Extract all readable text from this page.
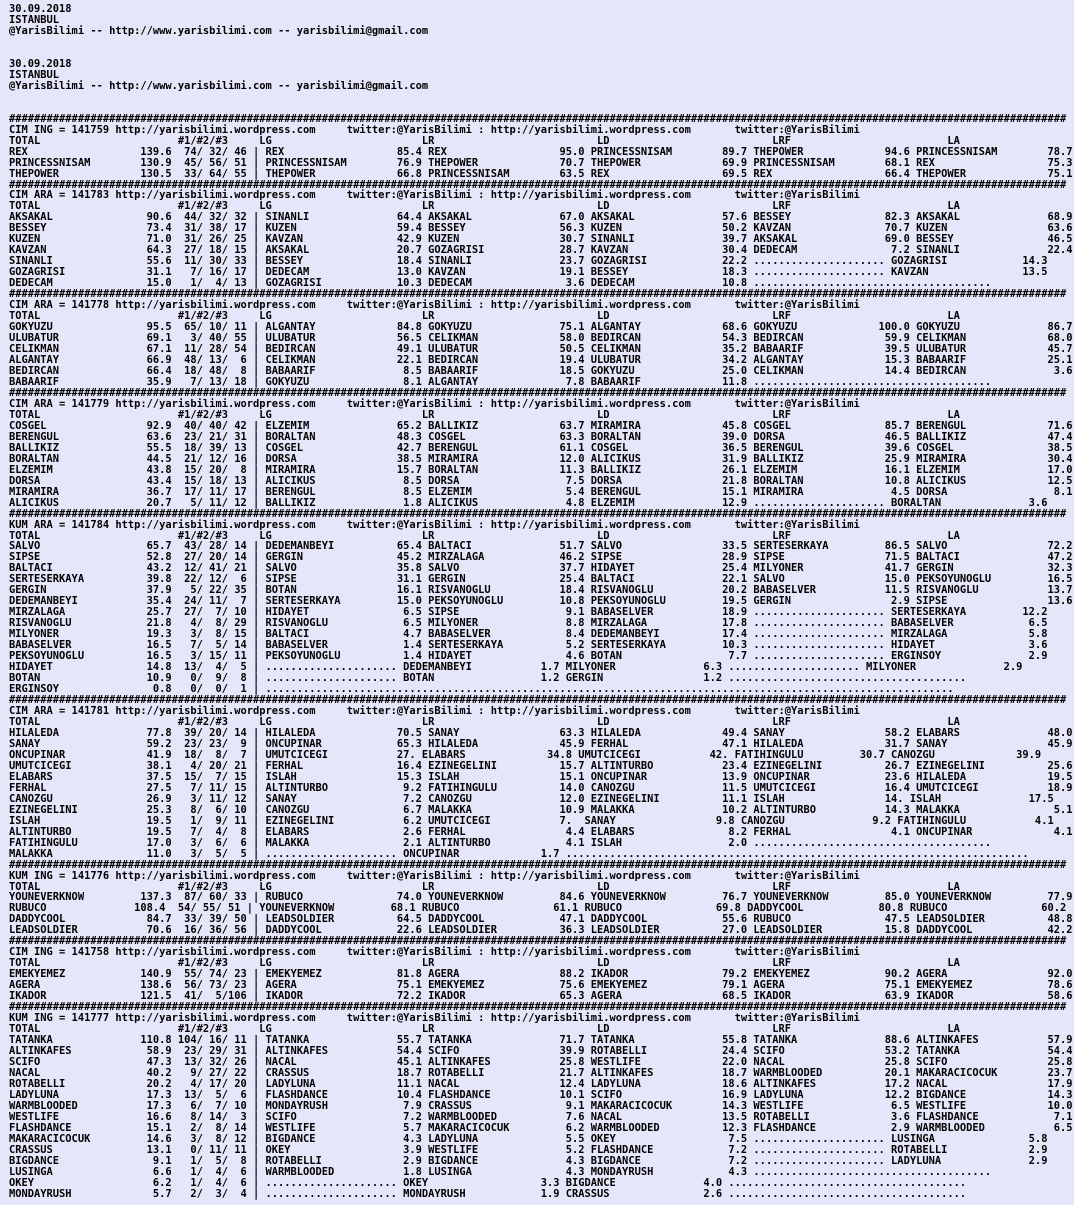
30.09.2018
ISTANBUL
@YarisBilimi -- http://www.yarisbilimi.com -- yarisbilimi@gmail.com

30.09.2018
ISTANBUL
@YarisBilimi -- http://www.yarisbilimi.com -- yarisbilimi@gmail.com

#########################################################################################################################################################################
CIM ING = 141759 http://yarisbilimi.wordpress.com     twitter:@YarisBilimi : http://yarisbilimi.wordpress.com       twitter:@YarisBilimi
TOTAL                      #1/#2/#3     LG                        LR                          LD                          LRF                         LA
REX                  139.6  74/ 32/ 46 | REX                  85.4 REX                  95.0 PRINCESSNISAM        89.7 THEPOWER             94.6 PRINCESSNISAM        78.7
PRINCESSNISAM        130.9  45/ 56/ 51 | PRINCESSNISAM        76.9 THEPOWER             70.7 THEPOWER             69.9 PRINCESSNISAM        68.1 REX                  75.3
THEPOWER             130.5  33/ 64/ 55 | THEPOWER             66.8 PRINCESSNISAM        63.5 REX                  69.5 REX                  66.4 THEPOWER             75.1
#########################################################################################################################################################################
CIM ARA = 141783 http://yarisbilimi.wordpress.com     twitter:@YarisBilimi : http://yarisbilimi.wordpress.com       twitter:@YarisBilimi
TOTAL                      #1/#2/#3     LG                        LR                          LD                          LRF                         LA
AKSAKAL               90.6  44/ 32/ 32 | SINANLI              64.4 AKSAKAL              67.0 AKSAKAL              57.6 BESSEY               82.3 AKSAKAL              68.9
BESSEY                73.4  31/ 38/ 17 | KUZEN                59.4 BESSEY               56.3 KUZEN                50.2 KAVZAN               70.7 KUZEN                63.6
KUZEN                 71.0  31/ 26/ 25 | KAVZAN               42.9 KUZEN                30.7 SINANLI              39.7 AKSAKAL              69.0 BESSEY               46.5
KAVZAN                64.3  27/ 18/ 15 | AKSAKAL              20.7 GOZAGRISI            28.7 KAVZAN               30.4 DEDECAM               7.2 SINANLI              22.4
SINANLI               55.6  11/ 30/ 33 | BESSEY               18.4 SINANLI              23.7 GOZAGRISI            22.2 ..................... GOZAGRISI            14.3
GOZAGRISI             31.1   7/ 16/ 17 | DEDECAM              13.0 KAVZAN               19.1 BESSEY               18.3 ..................... KAVZAN               13.5
DEDECAM               15.0   1/  4/ 13 | GOZAGRISI            10.3 DEDECAM               3.6 DEDECAM              10.8 ......................................
#########################################################################################################################################################################
CIM ARA = 141778 http://yarisbilimi.wordpress.com     twitter:@YarisBilimi : http://yarisbilimi.wordpress.com       twitter:@YarisBilimi
TOTAL                      #1/#2/#3     LG                        LR                          LD                          LRF                         LA
GOKYUZU               95.5  65/ 10/ 11 | ALGANTAY             84.8 GOKYUZU              75.1 ALGANTAY             68.6 GOKYUZU             100.0 GOKYUZU              86.7
ULUBATUR              69.1   3/ 40/ 55 | ULUBATUR             56.5 CELIKMAN             58.0 BEDIRCAN             54.3 BEDIRCAN             59.9 CELIKMAN             68.0
CELIKMAN              67.1  11/ 28/ 54 | BEDIRCAN             49.1 ULUBATUR             50.5 CELIKMAN             35.2 BABAARIF             39.5 ULUBATUR             45.7
ALGANTAY              66.9  48/ 13/  6 | CELIKMAN             22.1 BEDIRCAN             19.4 ULUBATUR             34.2 ALGANTAY             15.3 BABAARIF             25.1
BEDIRCAN              66.4  18/ 48/  8 | BABAARIF              8.5 BABAARIF             18.5 GOKYUZU              25.0 CELIKMAN             14.4 BEDIRCAN              3.6
BABAARIF              35.9   7/ 13/ 18 | GOKYUZU               8.1 ALGANTAY              7.8 BABAARIF             11.8 ......................................
#########################################################################################################################################################################
CIM ARA = 141779 http://yarisbilimi.wordpress.com     twitter:@YarisBilimi : http://yarisbilimi.wordpress.com       twitter:@YarisBilimi
TOTAL                      #1/#2/#3     LG                        LR                          LD                          LRF                         LA
COSGEL                92.9  40/ 40/ 42 | ELZEMIM              65.2 BALLIKIZ             63.7 MIRAMIRA             45.8 COSGEL               85.7 BERENGUL             71.6
BERENGUL              63.6  23/ 21/ 31 | BORALTAN             48.3 COSGEL               63.3 BORALTAN             39.0 DORSA                46.5 BALLIKIZ             47.4
BALLIKIZ              55.5  18/ 39/ 13 | COSGEL               42.7 BERENGUL             61.1 COSGEL               36.5 BERENGUL             39.6 COSGEL               38.5
BORALTAN              44.5  21/ 12/ 16 | DORSA                38.5 MIRAMIRA             12.0 ALICIKUS             31.9 BALLIKIZ             25.9 MIRAMIRA             30.4
ELZEMIM               43.8  15/ 20/  8 | MIRAMIRA             15.7 BORALTAN             11.3 BALLIKIZ             26.1 ELZEMIM              16.1 ELZEMIM              17.0
DORSA                 43.4  15/ 18/ 13 | ALICIKUS              8.5 DORSA                 7.5 DORSA                21.8 BORALTAN             10.8 ALICIKUS             12.5
MIRAMIRA              36.7  17/ 11/ 17 | BERENGUL              8.5 ELZEMIM               5.4 BERENGUL             15.1 MIRAMIRA              4.5 DORSA                 8.1
ALICIKUS              20.7   5/ 11/ 12 | BALLIKIZ              1.8 ALICIKUS              4.8 ELZEMIM              12.9 ..................... BORALTAN              3.6
#########################################################################################################################################################################
KUM ARA = 141784 http://yarisbilimi.wordpress.com     twitter:@YarisBilimi : http://yarisbilimi.wordpress.com       twitter:@YarisBilimi
TOTAL                      #1/#2/#3     LG                        LR                          LD                          LRF                         LA
SALVO                 65.7  43/ 28/ 14 | DEDEMANBEYI          65.4 BALTACI              51.7 SALVO                33.5 SERTESERKAYA         86.5 SALVO                72.2
SIPSE                 52.8  27/ 20/ 14 | GERGIN               45.2 MIRZALAGA            46.2 SIPSE                28.9 SIPSE                71.5 BALTACI              47.2
BALTACI               43.2  12/ 41/ 21 | SALVO                35.8 SALVO                37.7 HIDAYET              25.4 MILYONER             41.7 GERGIN               32.3
SERTESERKAYA          39.8  22/ 12/  6 | SIPSE                31.1 GERGIN               25.4 BALTACI              22.1 SALVO                15.0 PEKSOYUNOGLU         16.5
GERGIN                37.9   5/ 22/ 35 | BOTAN                16.1 RISVANOGLU           18.4 RISVANOGLU           20.2 BABASELVER           11.5 RISVANOGLU           13.7
DEDEMANBEYI           35.4  24/ 11/  7 | SERTESERKAYA         15.0 PEKSOYUNOGLU         10.8 PEKSOYUNOGLU         19.5 GERGIN                2.9 SIPSE                13.6
MIRZALAGA             25.7  27/  7/ 10 | HIDAYET               6.5 SIPSE                 9.1 BABASELVER           18.9 ..................... SERTESERKAYA         12.2
RISVANOGLU            21.8   4/  8/ 29 | RISVANOGLU            6.5 MILYONER              8.8 MIRZALAGA            17.8 ..................... BABASELVER            6.5
MILYONER              19.3   3/  8/ 15 | BALTACI               4.7 BABASELVER            8.4 DEDEMANBEYI          17.4 ..................... MIRZALAGA             5.8
BABASELVER            16.5   7/  5/ 14 | BABASELVER            1.4 SERTESERKAYA          5.2 SERTESERKAYA         10.3 ..................... HIDAYET               3.6
PEKSOYUNOGLU          16.5   3/ 15/ 11 | PEKSOYUNOGLU          1.4 HIDAYET               4.6 BOTAN                 7.7 ..................... ERGINSOY              2.9
HIDAYET               14.8  13/  4/  5 | ..................... DEDEMANBEYI           1.7 MILYONER              6.3 ..................... MILYONER              2.9
BOTAN                 10.9   0/  9/  8 | ..................... BOTAN                 1.2 GERGIN                1.2 ......................................
ERGINSOY               0.8   0/  0/  1 | ..............................................................................................................
#########################################################################################################################################################################
CIM ARA = 141781 http://yarisbilimi.wordpress.com     twitter:@YarisBilimi : http://yarisbilimi.wordpress.com       twitter:@YarisBilimi
TOTAL                      #1/#2/#3     LG                        LR                          LD                          LRF                         LA
HILALEDA              77.8  39/ 20/ 14 | HILALEDA             70.5 SANAY                63.3 HILALEDA             49.4 SANAY                58.2 ELABARS              48.0
SANAY                 59.2  23/ 23/  9 | ONCUPINAR            65.3 HILALEDA             45.9 FERHAL               47.1 HILALEDA             31.7 SANAY                45.9
ONCUPINAR             41.9  18/  8/  7 | UMUTCICEGI           27. ELABARS             34.8 UMUTCICEGI           42. FATIHINGULU         30.7 CANOZGU             39.9
UMUTCICEGI            38.1   4/ 20/ 21 | FERHAL               16.4 EZINEGELINI          15.7 ALTINTURBO           23.4 EZINEGELINI          26.7 EZINEGELINI          25.6
ELABARS               37.5  15/  7/ 15 | ISLAH                15.3 ISLAH                15.1 ONCUPINAR            13.9 ONCUPINAR            23.6 HILALEDA             19.5
FERHAL                27.5   7/ 11/ 15 | ALTINTURBO            9.2 FATIHINGULU          14.0 CANOZGU              11.5 UMUTCICEGI           16.4 UMUTCICEGI           18.9
CANOZGU               26.9   3/ 11/ 12 | SANAY                 7.2 CANOZGU              12.0 EZINEGELINI          11.1 ISLAH                14. ISLAH              17.5
EZINEGELINI           25.3   8/  6/ 10 | CANOZGU               6.7 MALAKKA              10.9 MALAKKA              10.2 ALTINTURBO           14.3 MALAKKA               5.1
ISLAH                 19.5   1/  9/ 11 | EZINEGELINI           6.2 UMUTCICEGI           7.  SANAY                9.8 CANOZGU              9.2 FATIHINGULU           4.1
ALTINTURBO            19.5   7/  4/  8 | ELABARS               2.6 FERHAL                4.4 ELABARS               8.2 FERHAL                4.1 ONCUPINAR             4.1
FATIHINGULU           17.0   3/  6/  6 | MALAKKA               2.1 ALTINTURBO            4.1 ISLAH                 2.0 ......................................
MALAKKA               11.0   3/  5/  5 | ..................... ONCUPINAR             1.7 ..........................................................................
#########################################################################################################################################################################
KUM ING = 141776 http://yarisbilimi.wordpress.com     twitter:@YarisBilimi : http://yarisbilimi.wordpress.com       twitter:@YarisBilimi
TOTAL                      #1/#2/#3     LG                        LR                          LD                          LRF                         LA
YOUNEVERKNOW         137.3  87/ 60/ 33 | RUBUCO               74.0 YOUNEVERKNOW         84.6 YOUNEVERKNOW         76.7 YOUNEVERKNOW         85.0 YOUNEVERKNOW         77.9
RUBUCO              108.4  54/ 55/ 51 | YOUNEVERKNOW         68.1 RUBUCO               61.1 RUBUCO               69.8 DADDYCOOL            80.8 RUBUCO               60.2
DADDYCOOL             84.7  33/ 39/ 50 | LEADSOLDIER          64.5 DADDYCOOL            47.1 DADDYCOOL            55.6 RUBUCO               47.5 LEADSOLDIER          48.8
LEADSOLDIER           70.6  16/ 36/ 56 | DADDYCOOL            22.6 LEADSOLDIER          36.3 LEADSOLDIER          27.0 LEADSOLDIER          15.8 DADDYCOOL            42.2
#########################################################################################################################################################################
CIM ING = 141758 http://yarisbilimi.wordpress.com     twitter:@YarisBilimi : http://yarisbilimi.wordpress.com       twitter:@YarisBilimi
TOTAL                      #1/#2/#3     LG                        LR                          LD                          LRF                         LA
EMEKYEMEZ            140.9  55/ 74/ 23 | EMEKYEMEZ            81.8 AGERA                88.2 IKADOR               79.2 EMEKYEMEZ            90.2 AGERA                92.0
AGERA                138.6  56/ 73/ 23 | AGERA                75.1 EMEKYEMEZ            75.6 EMEKYEMEZ            79.1 AGERA                75.1 EMEKYEMEZ            78.6
IKADOR               121.5  41/  5/106 | IKADOR               72.2 IKADOR               65.3 AGERA                68.5 IKADOR               63.9 IKADOR               58.6
#########################################################################################################################################################################
KUM ING = 141777 http://yarisbilimi.wordpress.com     twitter:@YarisBilimi : http://yarisbilimi.wordpress.com       twitter:@YarisBilimi
TOTAL                      #1/#2/#3     LG                        LR                          LD                          LRF                         LA
TATANKA              110.8 104/ 16/ 11 | TATANKA              55.7 TATANKA              71.7 TATANKA              55.8 TATANKA              88.6 ALTINKAFES           57.9
ALTINKAFES            58.9  23/ 29/ 31 | ALTINKAFES           54.4 SCIFO                39.9 ROTABELLI            24.4 SCIFO                53.2 TATANKA              54.4
SCIFO                 47.3  13/ 32/ 26 | NACAL                45.1 ALTINKAFES           25.8 WESTLIFE             22.0 NACAL                25.8 SCIFO                25.8
NACAL                 40.2   9/ 27/ 22 | CRASSUS              18.7 ROTABELLI            21.7 ALTINKAFES           18.7 WARMBLOODED          20.1 MAKARACICOCUK        23.7
ROTABELLI             20.2   4/ 17/ 20 | LADYLUNA             11.1 NACAL                12.4 LADYLUNA             18.6 ALTINKAFES           17.2 NACAL                17.9
LADYLUNA              17.3  13/  5/  6 | FLASHDANCE           10.4 FLASHDANCE           10.1 SCIFO                16.9 LADYLUNA             12.2 BIGDANCE             14.3
WARMBLOODED           17.3   6/  7/ 10 | MONDAYRUSH            7.9 CRASSUS               9.1 MAKARACICOCUK        14.3 WESTLIFE              6.5 WESTLIFE             10.0
WESTLIFE              16.6   8/ 14/  3 | SCIFO                 7.2 WARMBLOODED           7.6 NACAL                13.5 ROTABELLI             3.6 FLASHDANCE            7.1
FLASHDANCE            15.1   2/  8/ 14 | WESTLIFE              5.7 MAKARACICOCUK         6.2 WARMBLOODED          12.3 FLASHDANCE            2.9 WARMBLOODED           6.5
MAKARACICOCUK         14.6   3/  8/ 12 | BIGDANCE              4.3 LADYLUNA              5.5 OKEY                  7.5 ..................... LUSINGA               5.8
CRASSUS               13.1   0/ 11/ 11 | OKEY                  3.9 WESTLIFE              5.2 FLASHDANCE            7.2 ..................... ROTABELLI             2.9
BIGDANCE               9.1   1/  5/  8 | ROTABELLI             2.9 BIGDANCE              4.3 BIGDANCE              7.2 ..................... LADYLUNA              2.9
LUSINGA                6.6   1/  4/  6 | WARMBLOODED           1.8 LUSINGA               4.3 MONDAYRUSH            4.3 ......................................
OKEY                   6.2   1/  4/  6 | ..................... OKEY                  3.3 BIGDANCE              4.0 ......................................
MONDAYRUSH             5.7   2/  3/  4 | ..................... MONDAYRUSH            1.9 CRASSUS               2.6 ......................................
